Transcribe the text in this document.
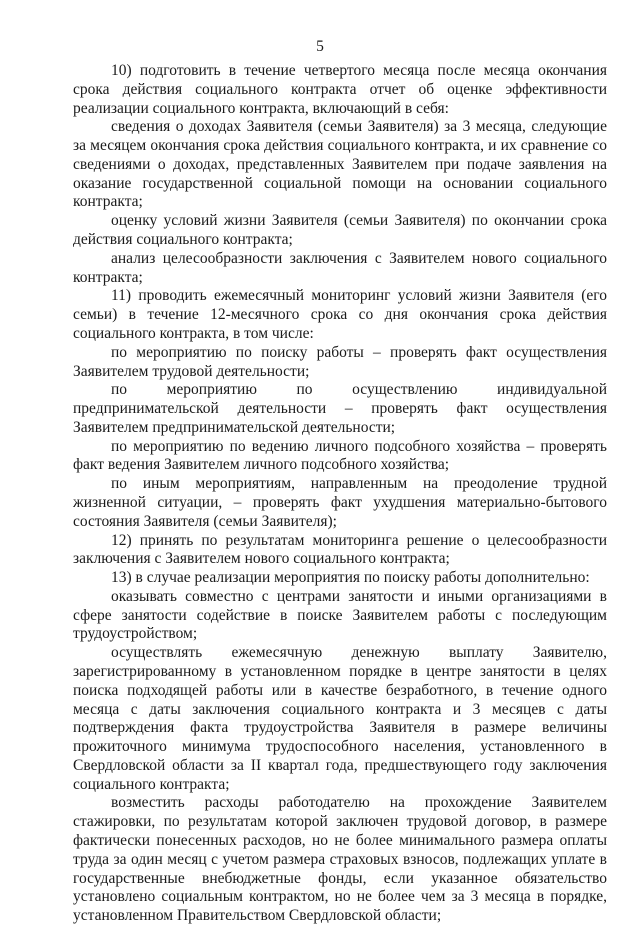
5

10) подготовить в течение четвертого месяца после месяца окончания срока действия социального контракта отчет об оценке эффективности реализации социального контракта, включающий в себя:

сведения о доходах Заявителя (семьи Заявителя) за 3 месяца, следующие за месяцем окончания срока действия социального контракта, и их сравнение со сведениями о доходах, представленных Заявителем при подаче заявления на оказание государственной социальной помощи на основании социального контракта;

оценку условий жизни Заявителя (семьи Заявителя) по окончании срока действия социального контракта;

анализ целесообразности заключения с Заявителем нового социального контракта;

11) проводить ежемесячный мониторинг условий жизни Заявителя (его семьи) в течение 12-месячного срока со дня окончания срока действия социального контракта, в том числе:

по мероприятию по поиску работы – проверять факт осуществления Заявителем трудовой деятельности;

по мероприятию по осуществлению индивидуальной предпринимательской деятельности – проверять факт осуществления Заявителем предпринимательской деятельности;

по мероприятию по ведению личного подсобного хозяйства – проверять факт ведения Заявителем личного подсобного хозяйства;

по иным мероприятиям, направленным на преодоление трудной жизненной ситуации, – проверять факт ухудшения материально-бытового состояния Заявителя (семьи Заявителя);

12) принять по результатам мониторинга решение о целесообразности заключения с Заявителем нового социального контракта;

13) в случае реализации мероприятия по поиску работы дополнительно:

оказывать совместно с центрами занятости и иными организациями в сфере занятости содействие в поиске Заявителем работы с последующим трудоустройством;

осуществлять ежемесячную денежную выплату Заявителю, зарегистрированному в установленном порядке в центре занятости в целях поиска подходящей работы или в качестве безработного, в течение одного месяца с даты заключения социального контракта и 3 месяцев с даты подтверждения факта трудоустройства Заявителя в размере величины прожиточного минимума трудоспособного населения, установленного в Свердловской области за II квартал года, предшествующего году заключения социального контракта;

возместить расходы работодателю на прохождение Заявителем стажировки, по результатам которой заключен трудовой договор, в размере фактически понесенных расходов, но не более минимального размера оплаты труда за один месяц с учетом размера страховых взносов, подлежащих уплате в государственные внебюджетные фонды, если указанное обязательство установлено социальным контрактом, но не более чем за 3 месяца в порядке, установленном Правительством Свердловской области;
